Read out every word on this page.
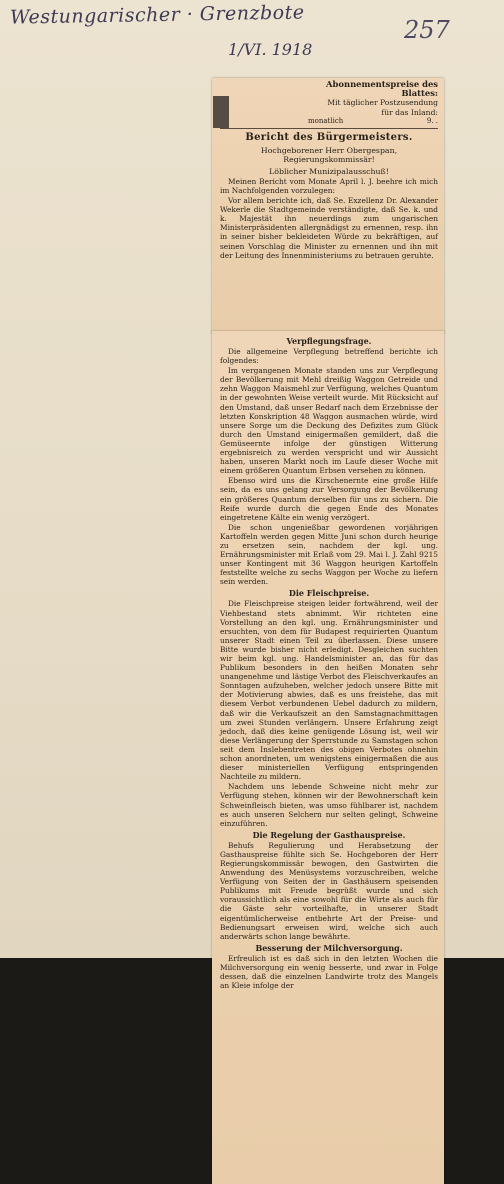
Westungarischer · Grenzbote
1/VI. 1918
257
Abonnementspreise des
Blattes:
Mit täglicher Postzusendung
für das Inland:
monatlich	9. .
Bericht des Bürgermeisters.
Hochgeborener Herr Obergespan, Regierungskommissär!
Löblicher Munizipalausschuß!

Meinen Bericht vom Monate April l. J. beehre ich mich im Nachfolgenden vorzulegen:

Vor allem berichte ich, daß Se. Exzellenz Dr. Alexander Wekerle die Stadtgemeinde verständigte, daß Se. k. und k. Majestät ihn neuerdings zum ungarischen Ministerpräsidenten allergnädigst zu ernennen, resp. ihn in seiner bisher bekleideten Würde zu bekräftigen, auf seinen Vorschlag die Minister zu ernennen und ihn mit der Leitung des Innenministeriums zu betrauen geruhte.

Verpflegungsfrage.

Die allgemeine Verpflegung betreffend berichte ich folgendes:

Im vergangenen Monate standen uns zur Verpflegung der Bevölkerung mit Mehl dreißig Waggon Getreide und zehn Waggon Maismehl zur Verfügung, welches Quantum in der gewohnten Weise verteilt wurde. Mit Rücksicht auf den Umstand, daß unser Bedarf nach dem Erzebnisse der letzten Konskription 48 Waggon ausmachen würde, wird unsere Sorge um die Deckung des Defizites zum Glück durch den Umstand einigermaßen gemildert, daß die Gemüseernte infolge der günstigen Witterung ergebnisreich zu werden verspricht und wir Aussicht haben, unseren Markt noch im Laufe dieser Woche mit einem größeren Quantum Erbsen versehen zu können.

Ebenso wird uns die Kirschenernte eine große Hilfe sein, da es uns gelang zur Versorgung der Bevölkerung ein größeres Quantum derselben für uns zu sichern. Die Reife wurde durch die gegen Ende des Monates eingetretene Kälte ein wenig verzögert.

Die schon ungenießbar gewordenen vorjährigen Kartoffeln werden gegen Mitte Juni schon durch heurige zu ersetzen sein, nachdem der kgl. ung. Ernährungsminister mit Erlaß vom 29. Mai l. J. Zahl 9215 unser Kontingent mit 36 Waggon heurigen Kartoffeln feststellte welche zu sechs Waggon per Woche zu liefern sein werden.

Die Fleischpreise.

Die Fleischpreise steigen leider fortwährend, weil der Viehbestand stets abnimmt. Wir richteten eine Vorstellung an den kgl. ung. Ernährungsminister und ersuchten, von dem für Budapest requirierten Quantum unserer Stadt einen Teil zu überlassen. Diese unsere Bitte wurde bisher nicht erledigt. Desgleichen suchten wir beim kgl. ung. Handelsminister an, das für das Publikum besonders in den heißen Monaten sehr unangenehme und lästige Verbot des Fleischverkaufes an Sonntagen aufzuheben, welcher jedoch unsere Bitte mit der Motivierung abwies, daß es uns freistehe, das mit diesem Verbot verbundenen Uebel dadurch zu mildern, daß wir die Verkaufszeit an den Samstagnachmittagen um zwei Stunden verlängern. Unsere Erfahrung zeigt jedoch, daß dies keine genügende Lösung ist, weil wir diese Verlängerung der Sperrstunde zu Samstagen schon seit dem Inslebentreten des obigen Verbotes ohnehin schon anordneten, um wenigstens einigermaßen die aus dieser ministeriellen Verfügung entspringenden Nachteile zu mildern.

Nachdem uns lebende Schweine nicht mehr zur Verfügung stehen, können wir der Bewohnerschaft kein Schweinfleisch bieten, was umso fühlbarer ist, nachdem es auch unseren Selchern nur selten gelingt, Schweine einzuführen.

Die Regelung der Gasthauspreise.

Behufs Regulierung und Herabsetzung der Gasthauspreise fühlte sich Se. Hochgeboren der Herr Regierungskommissär bewogen, den Gastwirten die Anwendung des Menüsystems vorzuschreiben, welche Verfügung von Seiten der in Gasthäusern speisenden Publikums mit Freude begrüßt wurde und sich voraussichtlich als eine sowohl für die Wirte als auch für die Gäste sehr vorteilhafte, in unserer Stadt eigentümlicherweise entbehrte Art der Preise- und Bedienungsart erweisen wird, welche sich auch anderwärts schon lange bewährte.

Besserung der Milchversorgung.

Erfreulich ist es daß sich in den letzten Wochen die Milchversorgung ein wenig besserte, und zwar in Folge dessen, daß die einzelnen Landwirte trotz des Mangels an Kleie infolge der
